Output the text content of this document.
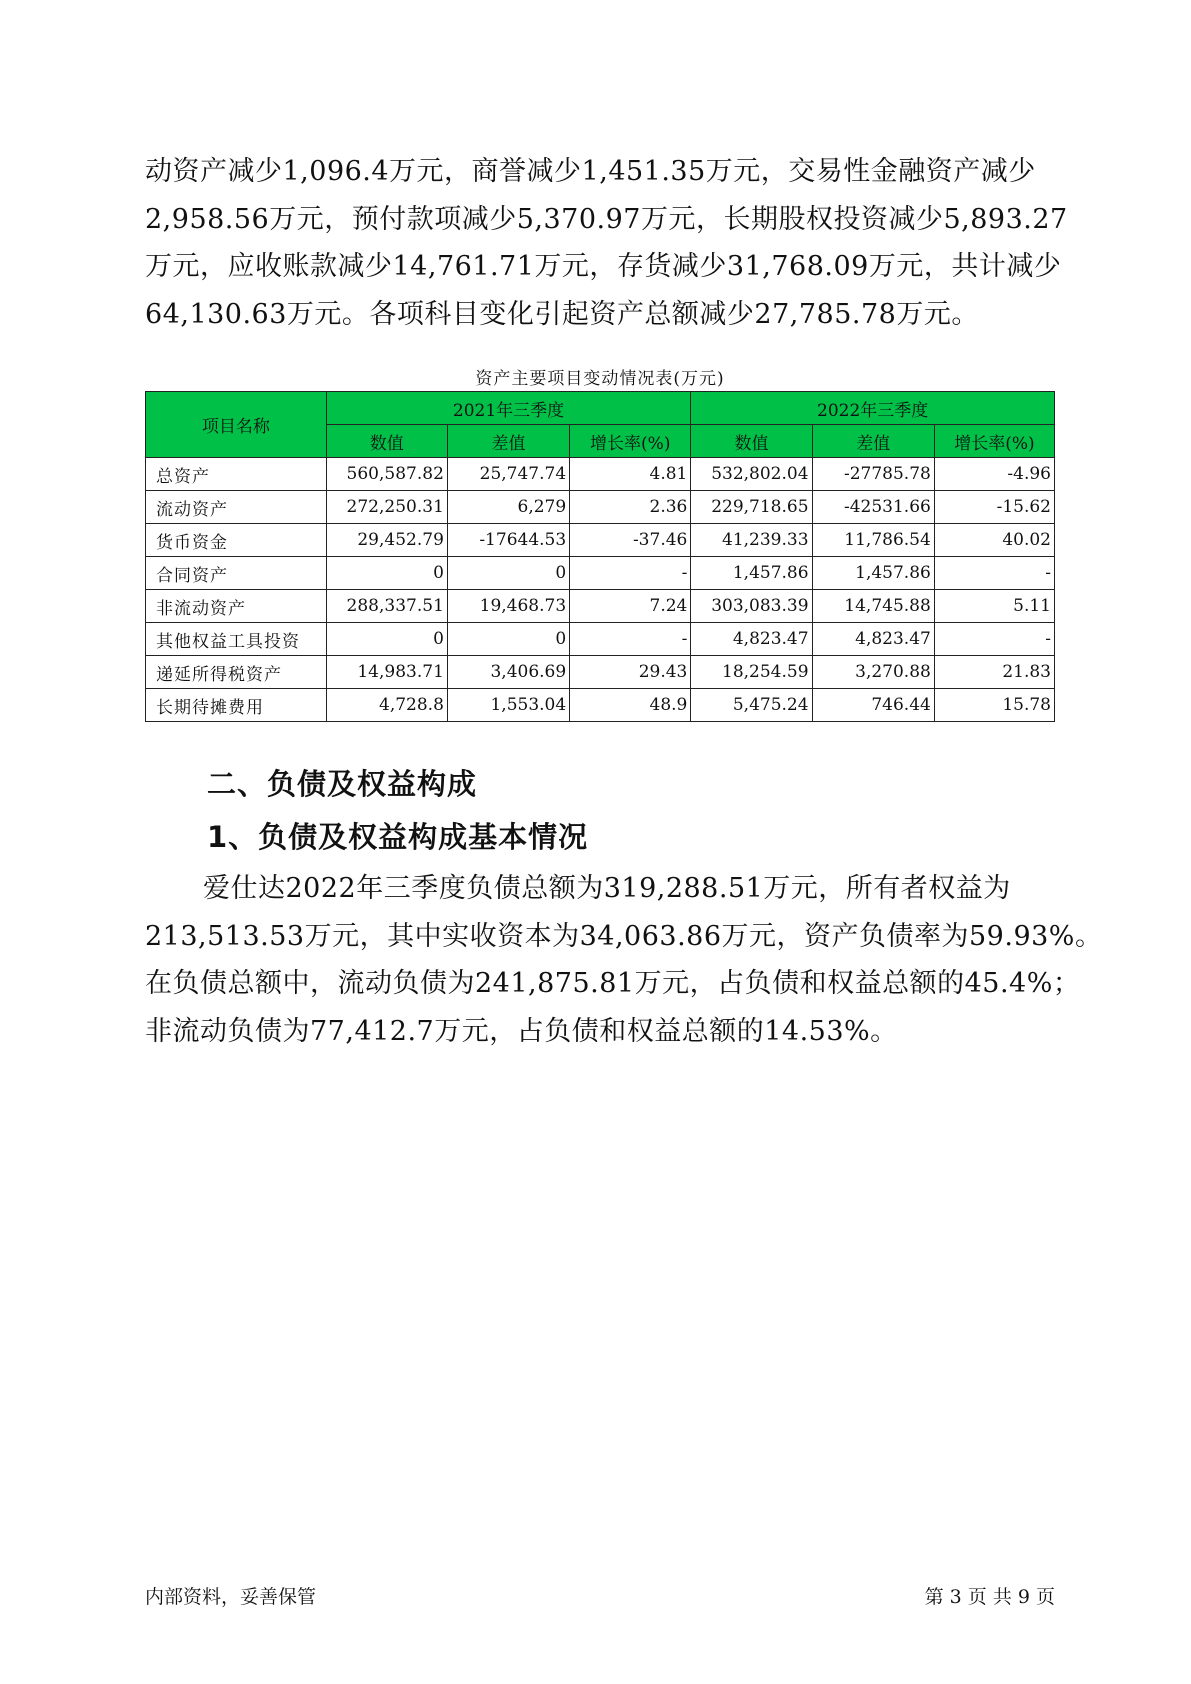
动资产减少1,096.4万元，商誉减少1,451.35万元，交易性金融资产减少
2,958.56万元，预付款项减少5,370.97万元，长期股权投资减少5,893.27
万元，应收账款减少14,761.71万元，存货减少31,768.09万元，共计减少
64,130.63万元。各项科目变化引起资产总额减少27,785.78万元。

资产主要项目变动情况表(万元)
项目名称	2021年三季度			2022年三季度		
	数值	差值	增长率(%)	数值	差值	增长率(%)
总资产	560,587.82	25,747.74	4.81	532,802.04	-27785.78	-4.96
流动资产	272,250.31	6,279	2.36	229,718.65	-42531.66	-15.62
货币资金	29,452.79	-17644.53	-37.46	41,239.33	11,786.54	40.02
合同资产	0	0	-	1,457.86	1,457.86	-
非流动资产	288,337.51	19,468.73	7.24	303,083.39	14,745.88	5.11
其他权益工具投资	0	0	-	4,823.47	4,823.47	-
递延所得税资产	14,983.71	3,406.69	29.43	18,254.59	3,270.88	21.83
长期待摊费用	4,728.8	1,553.04	48.9	5,475.24	746.44	15.78
二、负债及权益构成
1、负债及权益构成基本情况

爱仕达2022年三季度负债总额为319,288.51万元，所有者权益为
213,513.53万元，其中实收资本为34,063.86万元，资产负债率为59.93%。
在负债总额中，流动负债为241,875.81万元，占负债和权益总额的45.4%；
非流动负债为77,412.7万元，占负债和权益总额的14.53%。

内部资料，妥善保管	第 3 页 共 9 页
